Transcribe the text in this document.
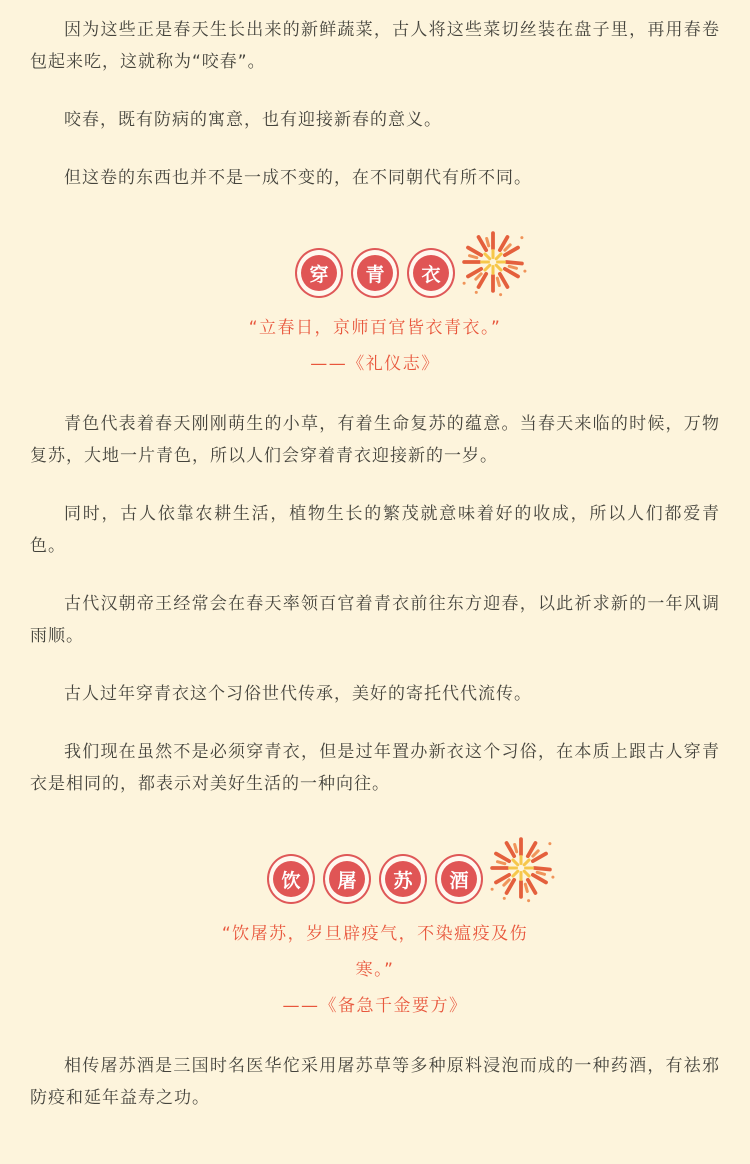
因为这些正是春天生长出来的新鲜蔬菜，古人将这些菜切丝装在盘子里，再用春卷包起来吃，这就称为“咬春”。

咬春，既有防病的寓意，也有迎接新春的意义。

但这卷的东西也并不是一成不变的，在不同朝代有所不同。

穿	青	衣
“立春日，京师百官皆衣青衣。”
——《礼仪志》

青色代表着春天刚刚萌生的小草，有着生命复苏的蕴意。当春天来临的时候，万物复苏，大地一片青色，所以人们会穿着青衣迎接新的一岁。

同时，古人依靠农耕生活，植物生长的繁茂就意味着好的收成，所以人们都爱青色。

古代汉朝帝王经常会在春天率领百官着青衣前往东方迎春，以此祈求新的一年风调雨顺。

古人过年穿青衣这个习俗世代传承，美好的寄托代代流传。

我们现在虽然不是必须穿青衣，但是过年置办新衣这个习俗，在本质上跟古人穿青衣是相同的，都表示对美好生活的一种向往。

饮	屠	苏	酒
“饮屠苏，岁旦辟疫气，不染瘟疫及伤
寒。”
——《备急千金要方》

相传屠苏酒是三国时名医华佗采用屠苏草等多种原料浸泡而成的一种药酒，有祛邪防疫和延年益寿之功。
